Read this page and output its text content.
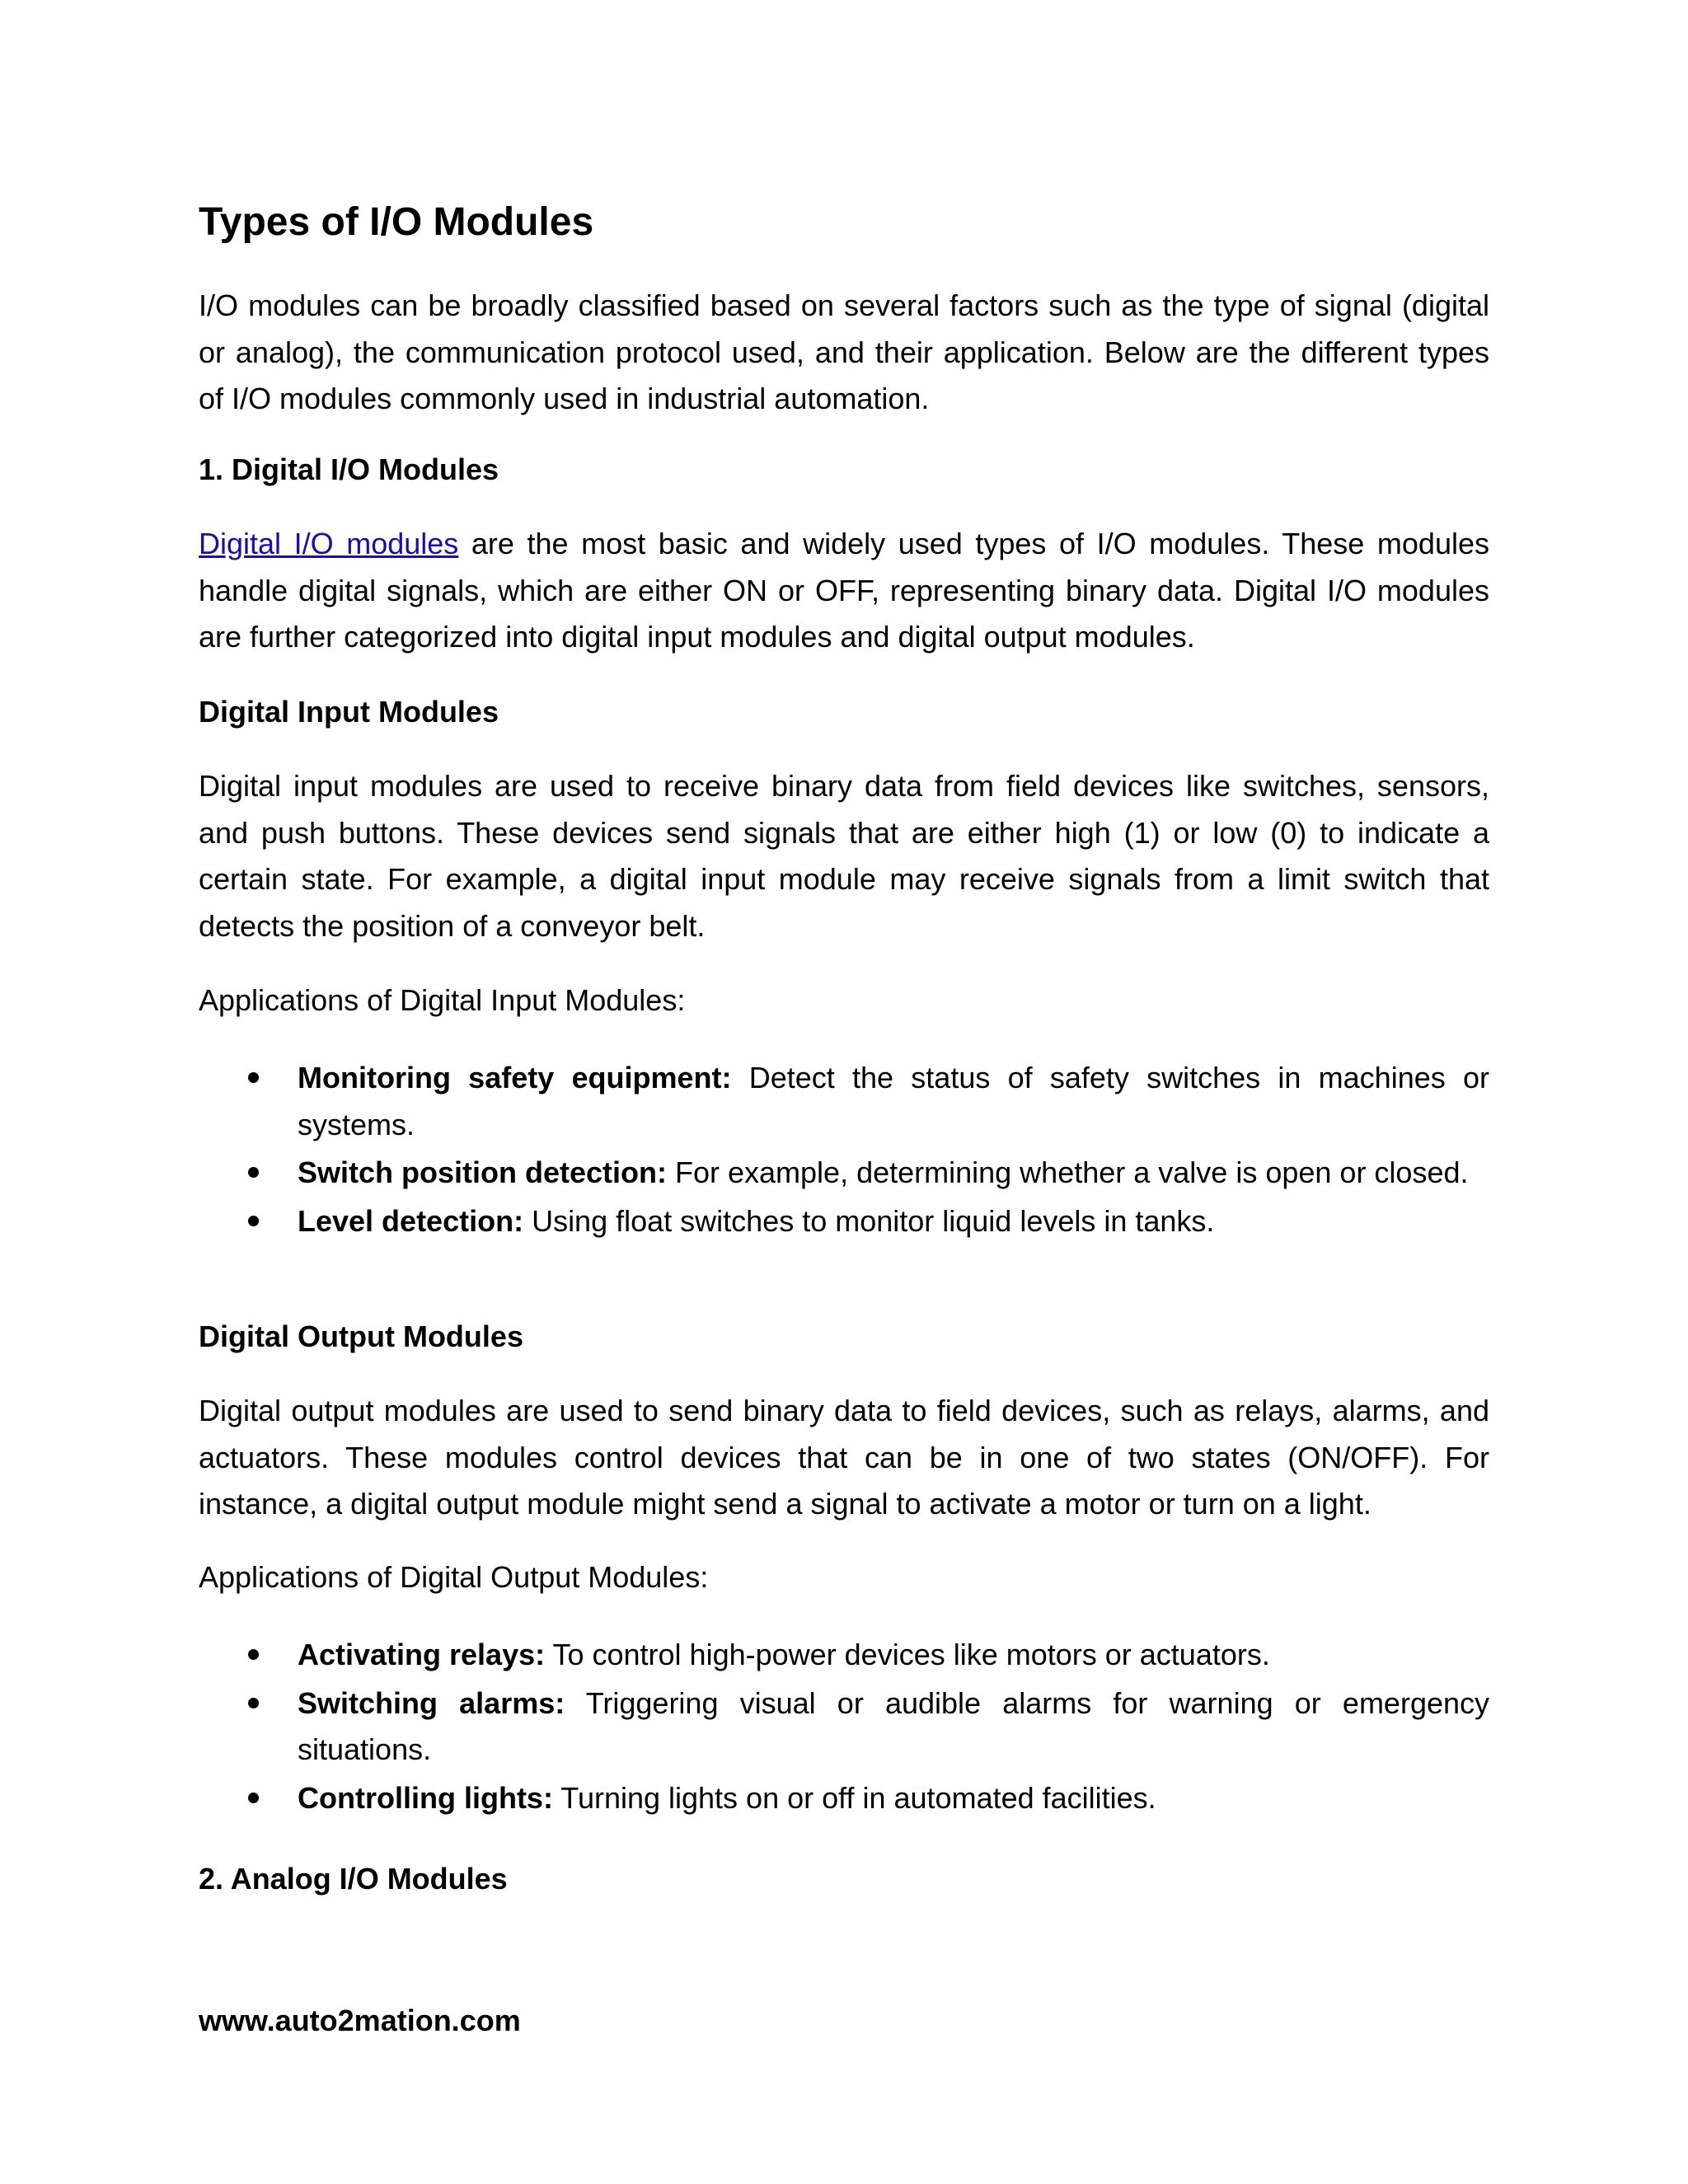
Types of I/O Modules

I/O modules can be broadly classified based on several factors such as the type of signal (digital or analog), the communication protocol used, and their application. Below are the different types of I/O modules commonly used in industrial automation.

1. Digital I/O Modules

Digital I/O modules are the most basic and widely used types of I/O modules. These modules handle digital signals, which are either ON or OFF, representing binary data. Digital I/O modules are further categorized into digital input modules and digital output modules.

Digital Input Modules

Digital input modules are used to receive binary data from field devices like switches, sensors, and push buttons. These devices send signals that are either high (1) or low (0) to indicate a certain state. For example, a digital input module may receive signals from a limit switch that detects the position of a conveyor belt.

Applications of Digital Input Modules:

Monitoring safety equipment: Detect the status of safety switches in machines or systems.
Switch position detection: For example, determining whether a valve is open or closed.
Level detection: Using float switches to monitor liquid levels in tanks.

Digital Output Modules

Digital output modules are used to send binary data to field devices, such as relays, alarms, and actuators. These modules control devices that can be in one of two states (ON/OFF). For instance, a digital output module might send a signal to activate a motor or turn on a light.

Applications of Digital Output Modules:

Activating relays: To control high-power devices like motors or actuators.
Switching alarms: Triggering visual or audible alarms for warning or emergency situations.
Controlling lights: Turning lights on or off in automated facilities.

2. Analog I/O Modules

www.auto2mation.com
